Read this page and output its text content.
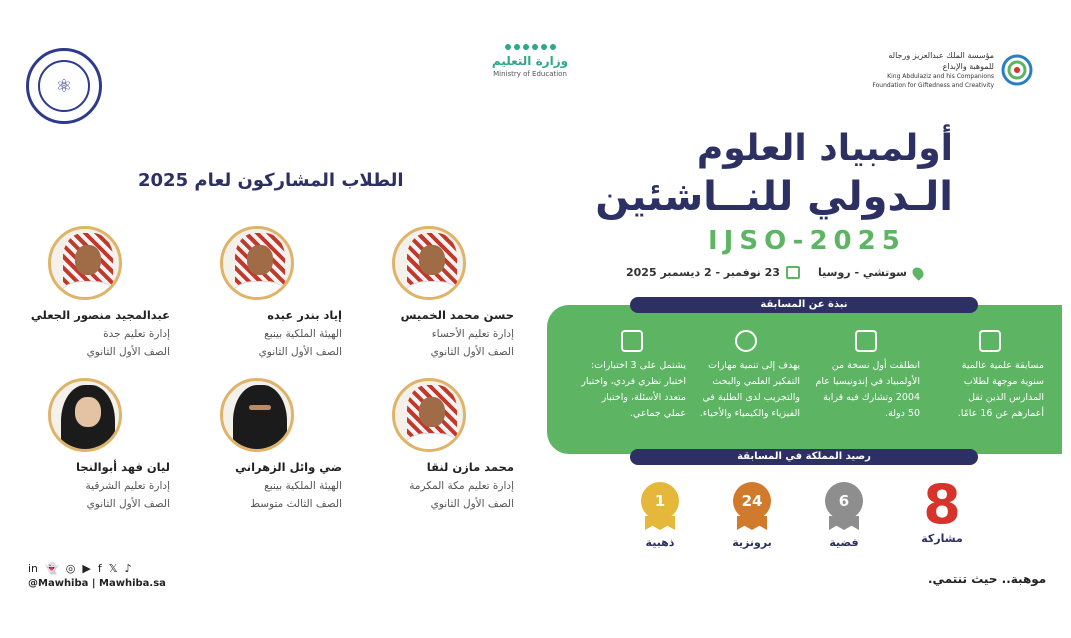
⚛
وزارة التعليم
Ministry of Education
مؤسسة الملك عبدالعزيز ورجاله للموهبة والإبداع
King Abdulaziz and his Companions
Foundation for Giftedness and Creativity
أولمبياد العلوم
الـدولي للنــاشئين
IJSO-2025
سوتشي - روسيا
23 نوفمبر - 2 ديسمبر 2025
الطلاب المشاركون لعام 2025
حسن محمد الخميس
إدارة تعليم الأحساء
الصف الأول الثانوي
إياد بندر عبده
الهيئة الملكية بينبع
الصف الأول الثانوي
عبدالمجيد منصور الجعلي
إدارة تعليم جدة
الصف الأول الثانوي
محمد مازن لنقا
إدارة تعليم مكة المكرمة
الصف الأول الثانوي
ضي وائل الزهراني
الهيئة الملكية بينبع
الصف الثالث متوسط
ليان فهد أبوالنجا
إدارة تعليم الشرقية
الصف الأول الثانوي
نبذة عن المسابقة
مسابقة علمية عالمية سنوية موجهة لطلاب المدارس الذين تقل أعمارهم عن 16 عامًا.
انطلقت أول نسخة من الأولمبياد في إندونيسيا عام 2004 وتشارك فيه قرابة 50 دولة.
يهدف إلى تنمية مهارات التفكير العلمي والبحث والتجريب لدى الطلبة في الفيزياء والكيمياء والأحياء.
يشتمل على 3 اختبارات: اختبار نظري فردي، واختبار متعدد الأسئلة، واختبار عملي جماعي.
رصيد المملكة في المسابقة
8
مشاركة
6
فضية
24
برونزية
1
ذهبية
in 👻 ◎ ▶ f 𝕏 ♪
@Mawhiba | Mawhiba.sa	موهبة.. حيث تنتمي.
